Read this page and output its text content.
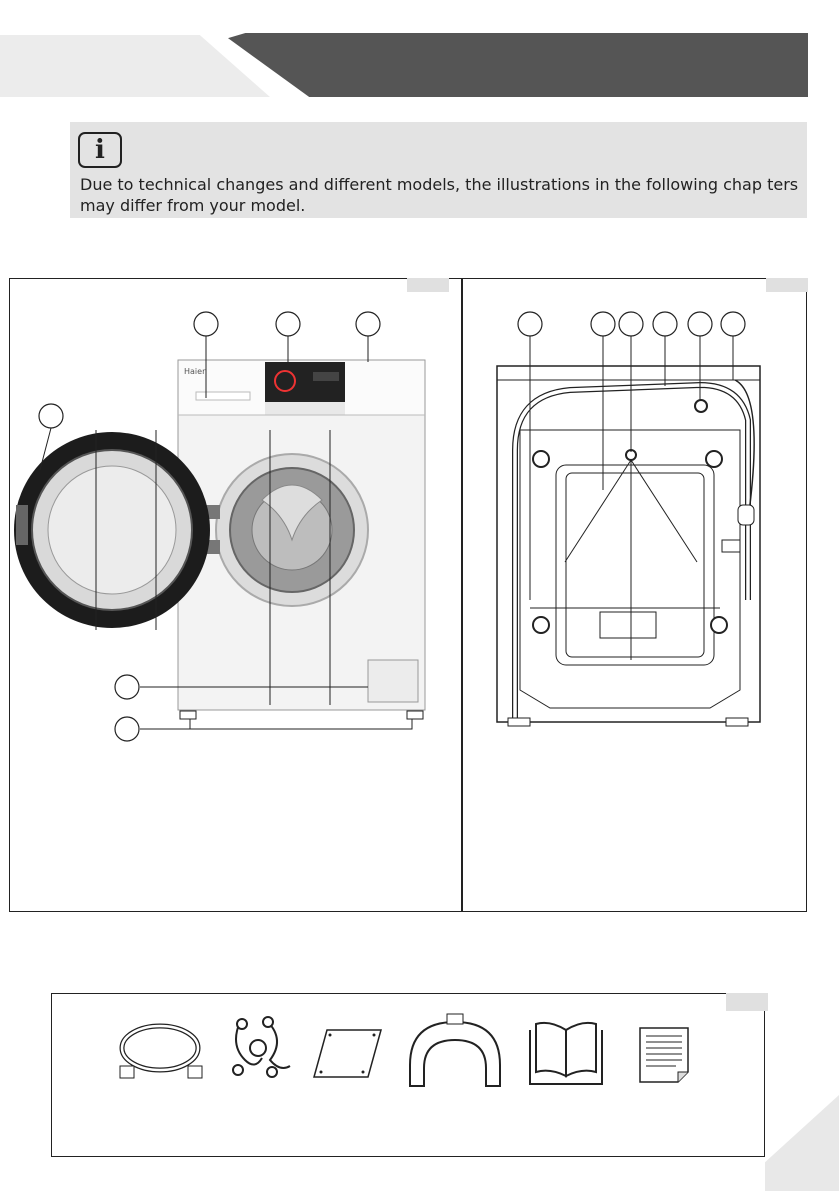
i
Due to technical changes and different models, the illustrations in the following chap ters may differ from your model.
Haier
